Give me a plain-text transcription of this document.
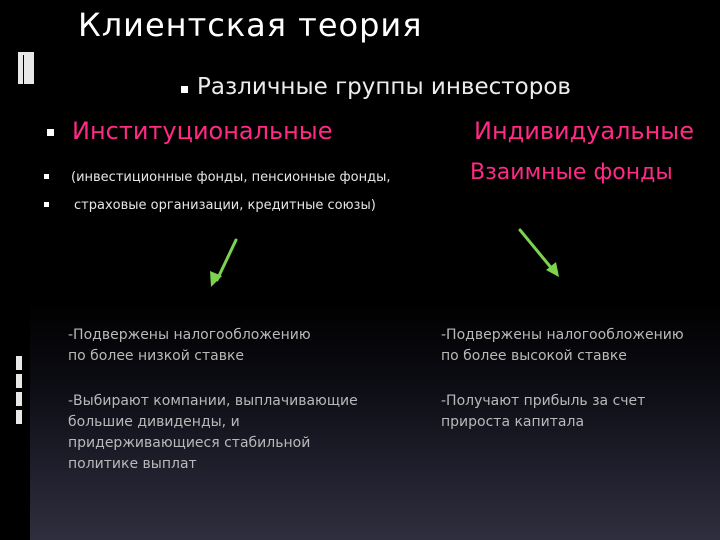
Клиентская теория
Различные группы инвесторов
Институциональные	Индивидуальные
Взаимные фонды
(инвестиционные фонды, пенсионные фонды,
страховые организации, кредитные союзы)
-Подвержены налогообложению
по более низкой ставке
-Выбирают компании, выплачивающие
большие дивиденды, и
придерживающиеся стабильной
политике выплат
-Подвержены налогообложению
по более высокой ставке
-Получают прибыль за счет
прироста капитала
